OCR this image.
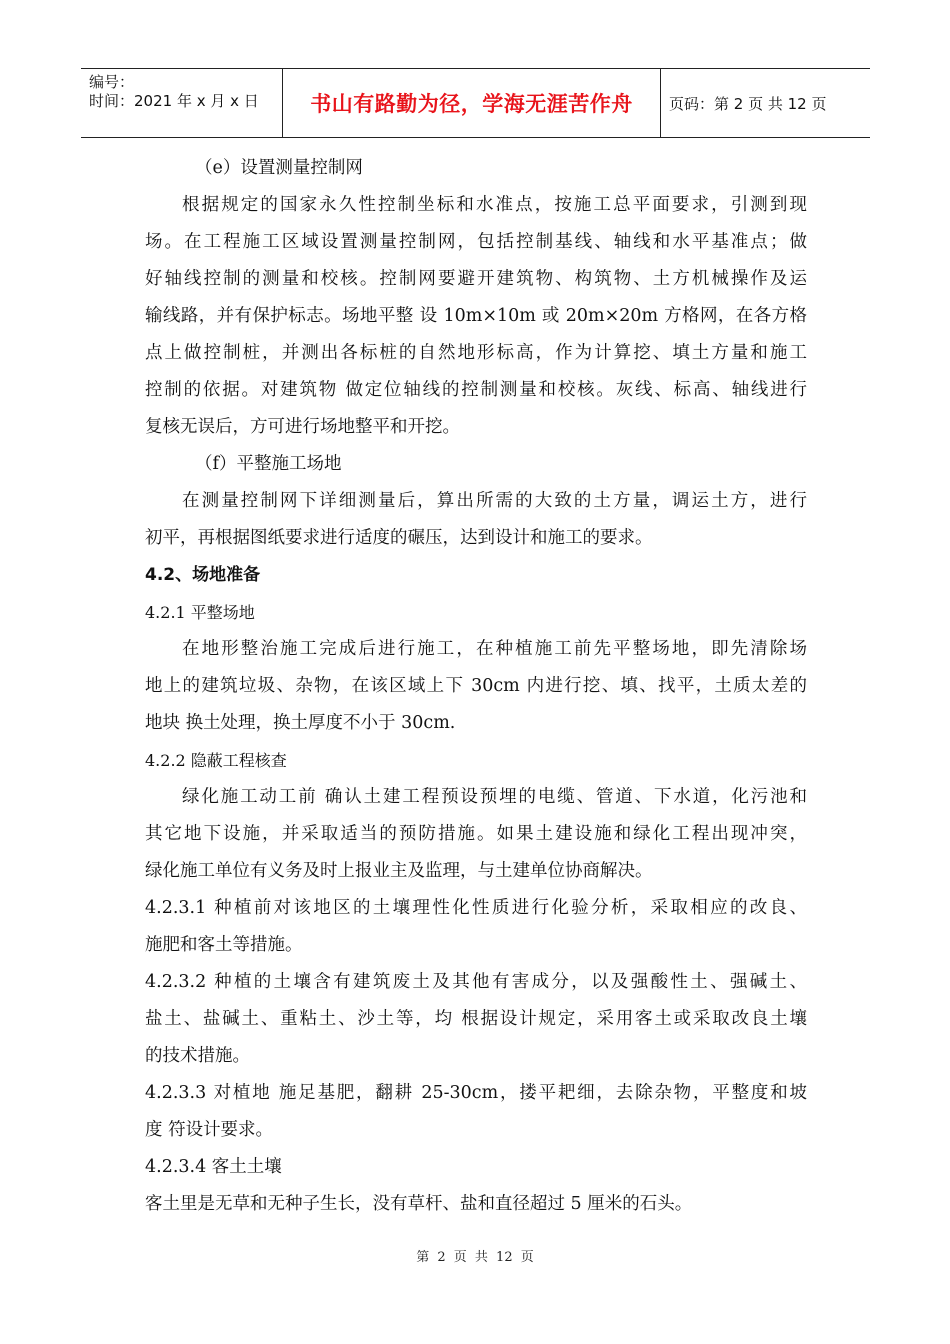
编号：
时间：2021 年 x 月 x 日	书山有路勤为径，学海无涯苦作舟	页码：第 2 页 共 12 页
（e）设置测量控制网
根据规定的国家永久性控制坐标和水准点，按施工总平面要求，引测到现
场。在工程施工区域设置测量控制网，包括控制基线、轴线和水平基准点；做
好轴线控制的测量和校核。控制网要避开建筑物、构筑物、土方机械操作及运
输线路，并有保护标志。场地平整 设 10m×10m 或 20m×20m 方格网，在各方格
点上做控制桩，并测出各标桩的自然地形标高，作为计算挖、填土方量和施工
控制的依据。对建筑物 做定位轴线的控制测量和校核。灰线、标高、轴线进行
复核无误后，方可进行场地整平和开挖。
（f）平整施工场地
在测量控制网下详细测量后，算出所需的大致的土方量，调运土方，进行
初平，再根据图纸要求进行适度的碾压，达到设计和施工的要求。
4.2、场地准备
4.2.1 平整场地
在地形整治施工完成后进行施工，在种植施工前先平整场地，即先清除场
地上的建筑垃圾、杂物，在该区域上下 30cm 内进行挖、填、找平，土质太差的
地块 换土处理，换土厚度不小于 30cm.
4.2.2 隐蔽工程核查
绿化施工动工前 确认土建工程预设预埋的电缆、管道、下水道，化污池和
其它地下设施，并采取适当的预防措施。如果土建设施和绿化工程出现冲突，
绿化施工单位有义务及时上报业主及监理，与土建单位协商解决。
4.2.3.1 种植前对该地区的土壤理性化性质进行化验分析，采取相应的改良、
施肥和客土等措施。
4.2.3.2 种植的土壤含有建筑废土及其他有害成分，以及强酸性土、强碱土、
盐土、盐碱土、重粘土、沙土等，均 根据设计规定，采用客土或采取改良土壤
的技术措施。
4.2.3.3 对植地 施足基肥，翻耕 25-30cm，搂平耙细，去除杂物，平整度和坡
度 符设计要求。
4.2.3.4 客土土壤
客土里是无草和无种子生长，没有草杆、盐和直径超过 5 厘米的石头。
第 2 页 共 12 页
